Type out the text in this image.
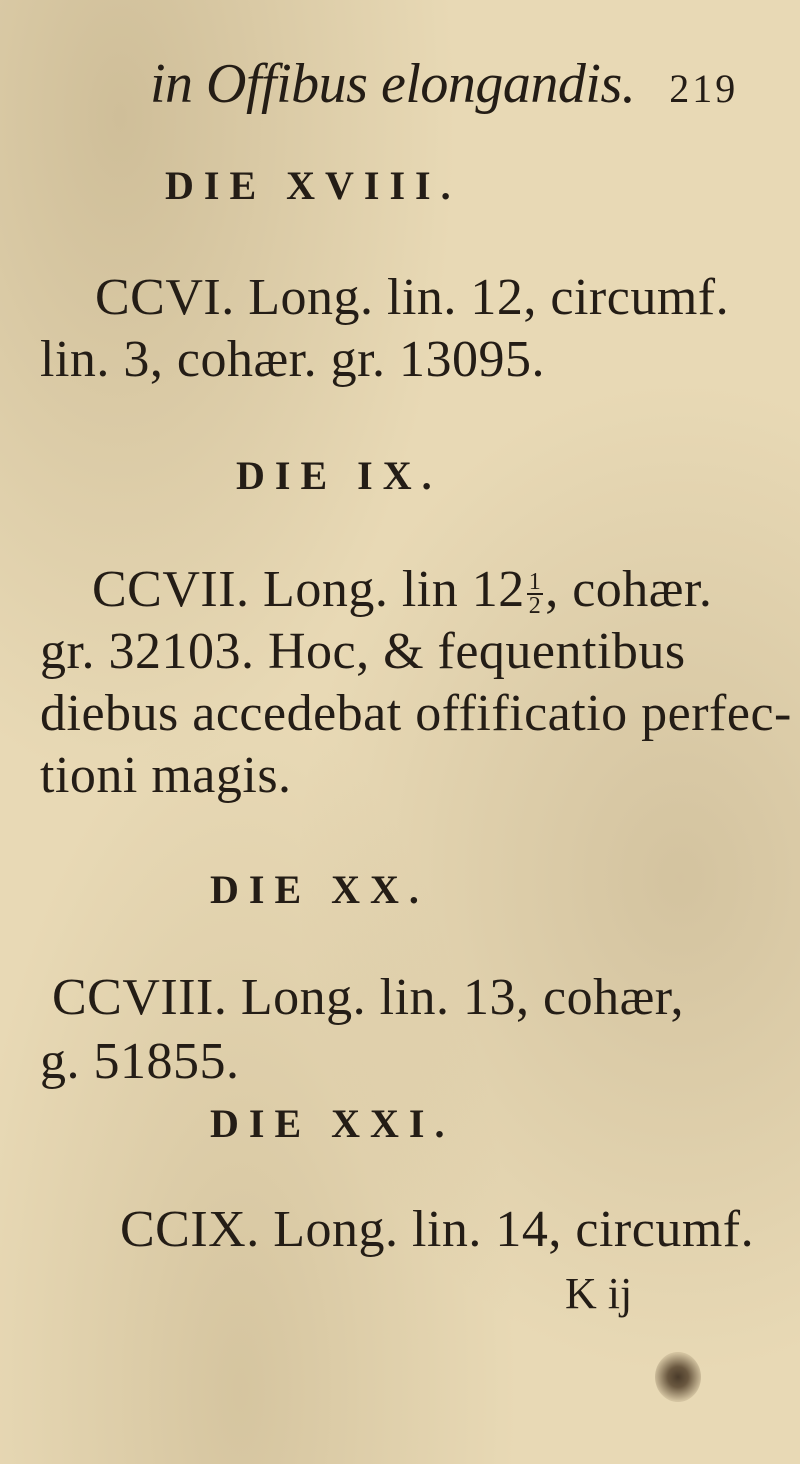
in Offibus elongandis. 219
DIE XVIII.
CCVI. Long. lin. 12, circumf.
lin. 3, cohær. gr. 13095.
DIE IX.
CCVII. Long. lin $12 \frac{1}{2}$ , cohær.
gr. 32103. Hoc, & fequentibus
diebus accedebat offificatio perfec-
tioni magis.
DIE XX.
CCVIII. Long. lin. 13, cohær,
g. 51855.
DIE XXI.
CCIX. Long. lin. 14, circumf.
K ij
